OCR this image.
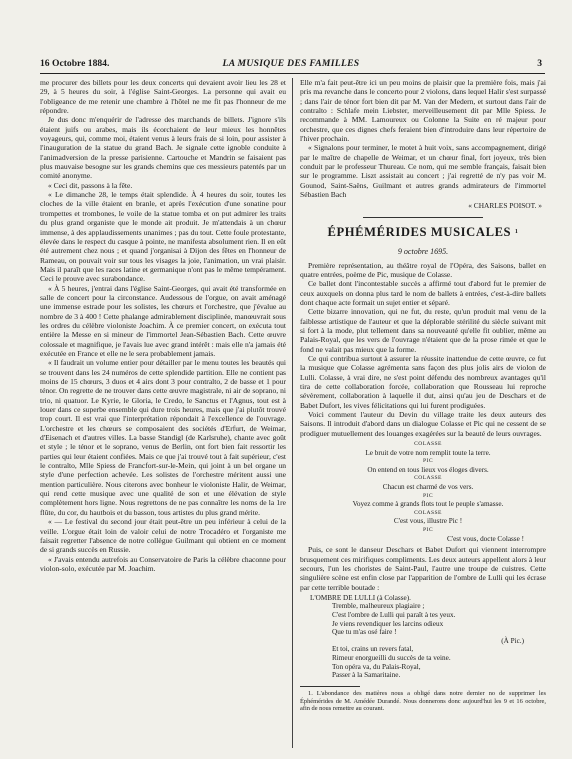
16 Octobre 1884.	LA MUSIQUE DES FAMILLES	3

me procurer des billets pour les deux concerts qui devaient avoir lieu les 28 et 29, à 5 heures du soir, à l'église Saint-Georges. La personne qui avait eu l'obligeance de me retenir une chambre à l'hôtel ne me fit pas l'honneur de me répondre.

Je dus donc m'enquérir de l'adresse des marchands de billets. J'ignore s'ils étaient juifs ou arabes, mais ils écorchaient de leur mieux les honnêtes voyageurs, qui, comme moi, étaient venus à leurs frais de si loin, pour assister à l'inauguration de la statue du grand Bach. Je signale cette ignoble conduite à l'animadversion de la presse parisienne. Cartouche et Mandrin se faisaient pas plus mauvaise besogne sur les grands chemins que ces messieurs patentés par un comité anonyme.

« Ceci dit, passons à la fête.

« Le dimanche 28, le temps était splendide. À 4 heures du soir, toutes les cloches de la ville étaient en branle, et après l'exécution d'une sonatine pour trompettes et trombones, le voile de la statue tomba et on put admirer les traits du plus grand organiste que le monde ait produit. Je m'attendais à un chœur immense, à des applaudissements unanimes ; pas du tout. Cette foule protestante, élevée dans le respect du casque à pointe, ne manifesta absolument rien. Il en eût été autrement chez nous ; et quand j'organisai à Dijon des fêtes en l'honneur de Rameau, on pouvait voir sur tous les visages la joie, l'animation, un vrai plaisir. Mais il paraît que les races latine et germanique n'ont pas le même tempérament. Ceci le prouve avec surabondance.

« À 5 heures, j'entrai dans l'église Saint-Georges, qui avait été transformée en salle de concert pour la circonstance. Audessous de l'orgue, on avait aménagé une immense estrade pour les solistes, les chœurs et l'orchestre, que j'évalue au nombre de 3 à 400 ! Cette phalange admirablement disciplinée, manœuvrait sous les ordres du célèbre violoniste Joachim. À ce premier concert, on exécuta tout entière la Messe en si mineur de l'immortel Jean-Sébastien Bach. Cette œuvre colossale et magnifique, je l'avais lue avec grand intérêt : mais elle n'a jamais été exécutée en France et elle ne le sera probablement jamais.

« Il faudrait un volume entier pour détailler par le menu toutes les beautés qui se trouvent dans les 24 numéros de cette splendide partition. Elle ne contient pas moins de 15 chœurs, 3 duos et 4 airs dont 3 pour contralto, 2 de basse et 1 pour ténor. On regrette de ne trouver dans cette œuvre magistrale, ni air de soprano, ni trio, ni quatuor. Le Kyrie, le Gloria, le Credo, le Sanctus et l'Agnus, tout est à louer dans ce superbe ensemble qui dure trois heures, mais que j'ai plutôt trouvé trop court. Il est vrai que l'interprétation répondait à l'excellence de l'ouvrage. L'orchestre et les chœurs se composaient des sociétés d'Erfurt, de Weimar, d'Eisenach et d'autres villes. La basse Standigl (de Karlsruhe), chante avec goût et style ; le ténor et le soprano, venus de Berlin, ont fort bien fait ressortir les parties qui leur étaient confiées. Mais ce que j'ai trouvé tout à fait supérieur, c'est le contralto, Mlle Spiess de Francfort-sur-le-Mein, qui joint à un bel organe un style d'une perfection achevée. Les solistes de l'orchestre méritent aussi une mention particulière. Nous citerons avec bonheur le violoniste Halir, de Weimar, qui rend cette musique avec une qualité de son et une élévation de style complètement hors ligne. Nous regrettons de ne pas connaître les noms de la 1re flûte, du cor, du hautbois et du basson, tous artistes du plus grand mérite.

« — Le festival du second jour était peut-être un peu inférieur à celui de la veille. L'orgue était loin de valoir celui de notre Trocadéro et l'organiste me faisait regretter l'absence de notre collègue Guilmant qui obtient en ce moment de si grands succès en Russie.

« J'avais entendu autrefois au Conservatoire de Paris la célèbre chaconne pour violon-solo, exécutée par M. Joachim.

Elle m'a fait peut-être ici un peu moins de plaisir que la première fois, mais j'ai pris ma revanche dans le concerto pour 2 violons, dans lequel Halir s'est surpassé ; dans l'air de ténor fort bien dit par M. Van der Medern, et surtout dans l'air de contralto : Schlafe mein Liebster, merveilleusement dit par Mlle Spiess. Je recommande à MM. Lamoureux ou Colonne la Suite en ré majeur pour orchestre, que ces dignes chefs feraient bien d'introduire dans leur répertoire de l'hiver prochain.

« Signalons pour terminer, le motet à huit voix, sans accompagnement, dirigé par le maître de chapelle de Weimar, et un chœur final, fort joyeux, très bien conduit par le professeur Thureau. Ce nom, qui me semble français, faisait bien sur le programme. Liszt assistait au concert ; j'ai regretté de n'y pas voir M. Gounod, Saint-Saëns, Guilmant et autres grands admirateurs de l'immortel Sébastien Bach

« CHARLES POISOT. »

ÉPHÉMÉRIDES MUSICALES $^1$
9 octobre 1695.

Première représentation, au théâtre royal de l'Opéra, des Saisons, ballet en quatre entrées, poème de Pic, musique de Colasse.

Ce ballet dont l'incontestable succès a affirmé tout d'abord fut le premier de ceux auxquels on donna plus tard le nom de ballets à entrées, c'est-à-dire ballets dont chaque acte formait un sujet entier et séparé.

Cette bizarre innovation, qui ne fut, du reste, qu'un produit mal venu de la faiblesse artistique de l'auteur et que la déplorable stérilité du siècle suivant mit si fort à la mode, plut tellement dans sa nouveauté qu'elle fit oublier, même au Palais-Royal, que les vers de l'ouvrage n'étaient que de la prose rimée et que le fond ne valait pas mieux que la forme.

Ce qui contribua surtout à assurer la réussite inattendue de cette œuvre, ce fut la musique que Colasse agrémenta sans façon des plus jolis airs de violon de Lulli. Colasse, à vrai dire, ne s'est point défendu des nombreux avantages qu'il tira de cette collaboration forcée, collaboration que Rousseau lui reproche sévèrement, collaboration à laquelle il dut, ainsi qu'au jeu de Deschars et de Babet Dufort, les vives félicitations qui lui furent prodiguées.

Voici comment l'auteur du Devin du village traite les deux auteurs des Saisons. Il introduit d'abord dans un dialogue Colasse et Pic qui ne cessent de se prodiguer mutuellement des louanges exagérées sur la beauté de leurs ouvrages.

COLASSE
Le bruit de votre nom remplit toute la terre.
PIC
On entend en tous lieux vos éloges divers.
COLASSE
Chacun est charmé de vos vers.
PIC
Voyez comme à grands flots tout le peuple s'amasse.
COLASSE
C'est vous, illustre Pic !
PIC
C'est vous, docte Colasse !

Puis, ce sont le danseur Deschars et Babet Dufort qui viennent interrompre brusquement ces mirifiques compliments. Les deux auteurs appellent alors à leur secours, l'un les choristes de Saint-Paul, l'autre une troupe de cuistres. Cette singulière scène est enfin close par l'apparition de l'ombre de Lulli qui les écrase par cette terrible boutade :

L'OMBRE DE LULLI (à Colasse).
Tremble, malheureux plagiaire ;
C'est l'ombre de Lulli qui paraît à tes yeux.
Je viens revendiquer les larcins odieux
Que tu m'as osé faire !
(À Pic.)
Et toi, crains un revers fatal,
Rimeur enorgueilli du succès de ta veine.
Ton opéra va, du Palais-Royal,
Passer à la Samaritaine.
1. L'abondance des matières nous a obligé dans notre dernier no de supprimer les Éphémérides de M. Amédée Durandé. Nous donnerons donc aujourd'hui les 9 et 16 octobre, afin de nous remettre au courant.
